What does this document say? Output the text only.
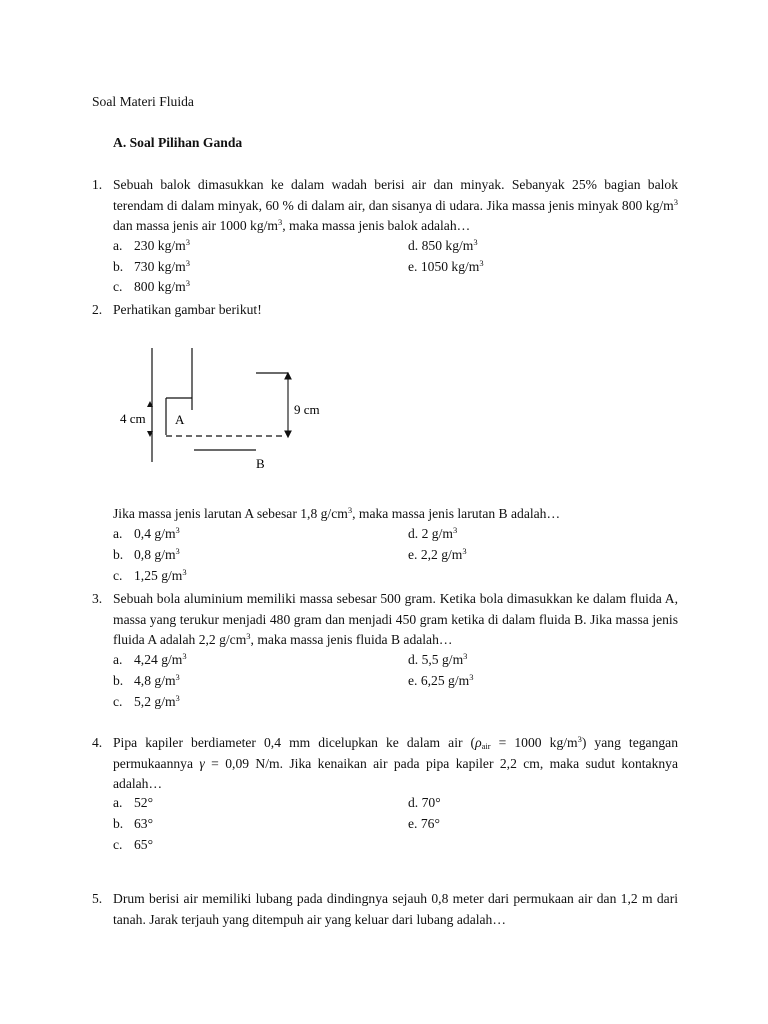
Soal Materi Fluida
A. Soal Pilihan Ganda
1. Sebuah balok dimasukkan ke dalam wadah berisi air dan minyak. Sebanyak 25% bagian balok terendam di dalam minyak, 60 % di dalam air, dan sisanya di udara. Jika massa jenis minyak 800 $kg/m^3$ dan massa jenis air 1000 $kg/m^3$, maka massa jenis balok adalah…
a. 230 $kg/m^3$
b. 730 $kg/m^3$
c. 800 $kg/m^3$
d. 850 $kg/m^3$
e. 1050 $kg/m^3$
2. Perhatikan gambar berikut!
4 cm
9 cm
A
B
Jika massa jenis larutan A sebesar 1,8 $g/cm^3$, maka massa jenis larutan B adalah…
a. 0,4 $g/m^3$
b. 0,8 $g/m^3$
c. 1,25 $g/m^3$
d. 2 $g/m^3$
e. 2,2 $g/m^3$
3. Sebuah bola aluminium memiliki massa sebesar 500 gram. Ketika bola dimasukkan ke dalam fluida A, massa yang terukur menjadi 480 gram dan menjadi 450 gram ketika di dalam fluida B. Jika massa jenis fluida A adalah 2,2 $g/cm^3$, maka massa jenis fluida B adalah…
a. 4,24 $g/m^3$
b. 4,8 $g/m^3$
c. 5,2 $g/m^3$
d. 5,5 $g/m^3$
e. 6,25 $g/m^3$
4. Pipa kapiler berdiameter 0,4 mm dicelupkan ke dalam air ($\rho_{air} = 1000$ $kg/m^3$) yang tegangan permukaannya γ = 0,09 N/m. Jika kenaikan air pada pipa kapiler 2,2 cm, maka sudut kontaknya adalah…
a. 52°
b. 63°
c. 65°
d. 70°
e. 76°
5. Drum berisi air memiliki lubang pada dindingnya sejauh 0,8 meter dari permukaan air dan 1,2 m dari tanah. Jarak terjauh yang ditempuh air yang keluar dari lubang adalah…
